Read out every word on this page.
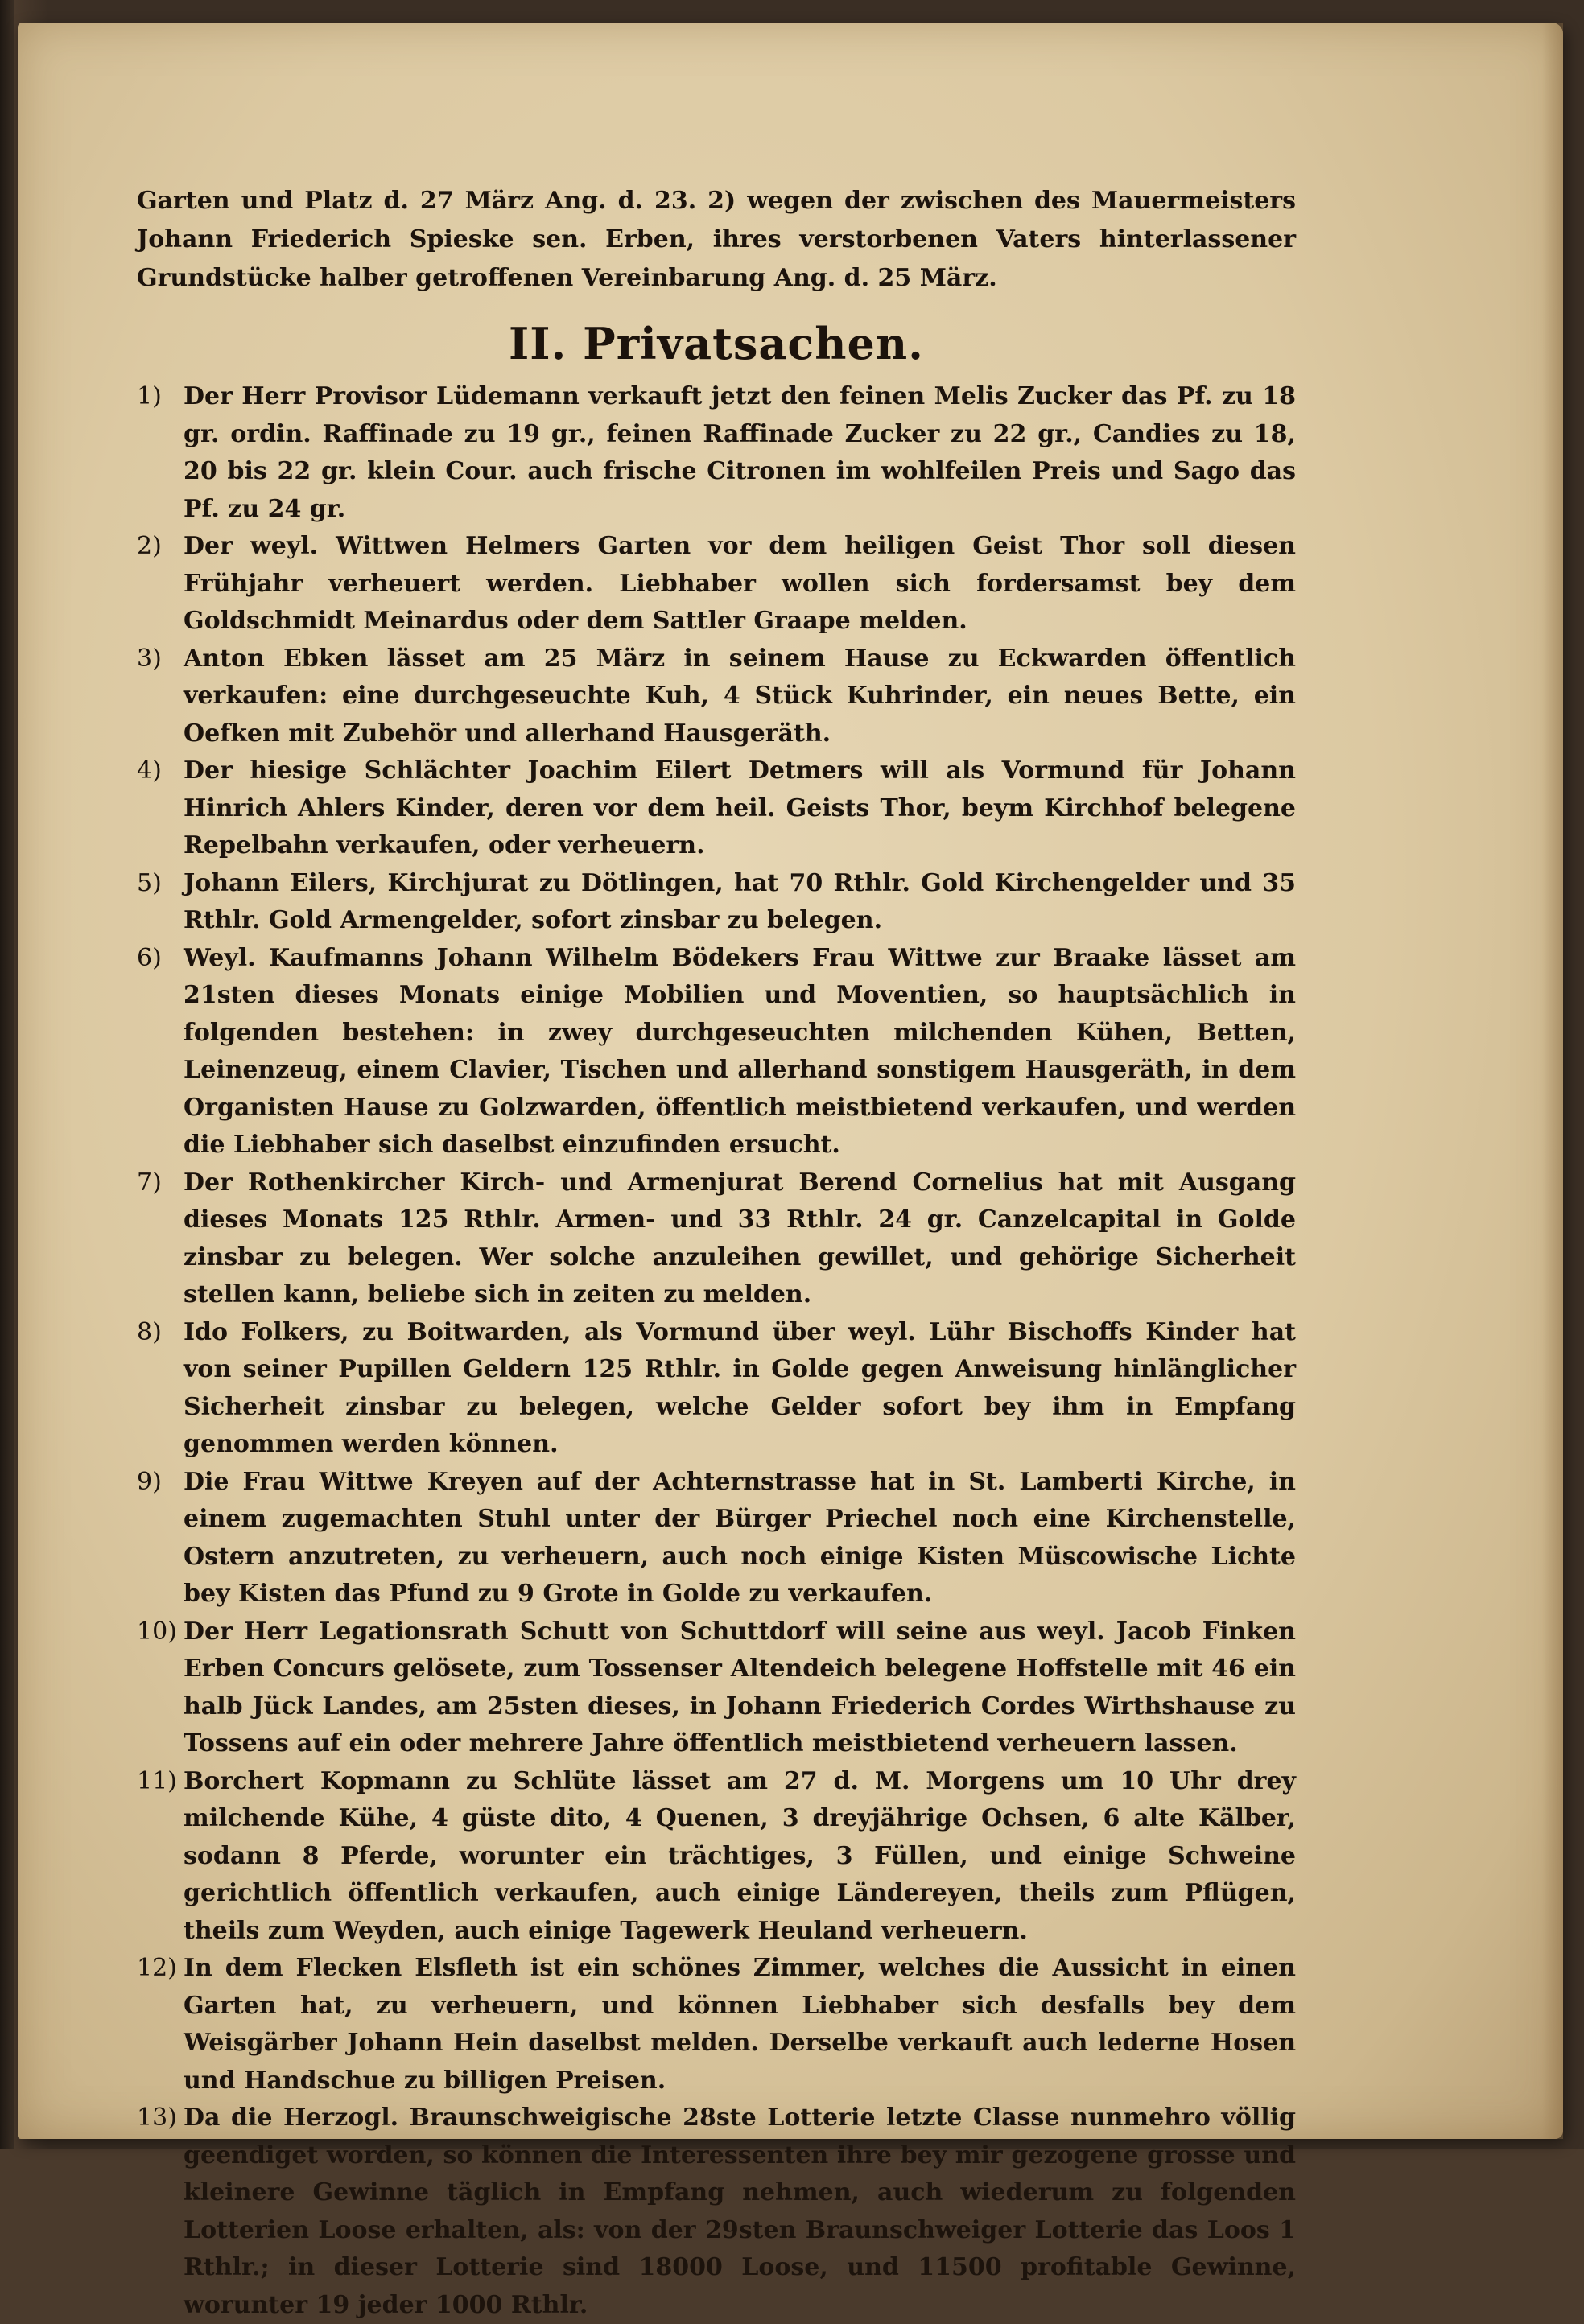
Garten und Platz d. 27 März Ang. d. 23. 2) wegen der zwischen des Mauermeisters Johann Friederich Spieske sen. Erben, ihres verstorbenen Vaters hinterlassener Grundstücke halber getroffenen Vereinbarung Ang. d. 25 März.

II. Privatsachen.
1) Der Herr Provisor Lüdemann verkauft jetzt den feinen Melis Zucker das Pf. zu 18 gr. ordin. Raffinade zu 19 gr., feinen Raffinade Zucker zu 22 gr., Candies zu 18, 20 bis 22 gr. klein Cour. auch frische Citronen im wohlfeilen Preis und Sago das Pf. zu 24 gr.
2) Der weyl. Wittwen Helmers Garten vor dem heiligen Geist Thor soll diesen Frühjahr verheuert werden. Liebhaber wollen sich fordersamst bey dem Goldschmidt Meinardus oder dem Sattler Graape melden.
3) Anton Ebken lässet am 25 März in seinem Hause zu Eckwarden öffentlich verkaufen: eine durchgeseuchte Kuh, 4 Stück Kuhrinder, ein neues Bette, ein Oefken mit Zubehör und allerhand Hausgeräth.
4) Der hiesige Schlächter Joachim Eilert Detmers will als Vormund für Johann Hinrich Ahlers Kinder, deren vor dem heil. Geists Thor, beym Kirchhof belegene Repelbahn verkaufen, oder verheuern.
5) Johann Eilers, Kirchjurat zu Dötlingen, hat 70 Rthlr. Gold Kirchengelder und 35 Rthlr. Gold Armengelder, sofort zinsbar zu belegen.
6) Weyl. Kaufmanns Johann Wilhelm Bödekers Frau Wittwe zur Braake lässet am 21sten dieses Monats einige Mobilien und Moventien, so hauptsächlich in folgenden bestehen: in zwey durchgeseuchten milchenden Kühen, Betten, Leinenzeug, einem Clavier, Tischen und allerhand sonstigem Hausgeräth, in dem Organisten Hause zu Golzwarden, öffentlich meistbietend verkaufen, und werden die Liebhaber sich daselbst einzufinden ersucht.
7) Der Rothenkircher Kirch- und Armenjurat Berend Cornelius hat mit Ausgang dieses Monats 125 Rthlr. Armen- und 33 Rthlr. 24 gr. Canzelcapital in Golde zinsbar zu belegen. Wer solche anzuleihen gewillet, und gehörige Sicherheit stellen kann, beliebe sich in zeiten zu melden.
8) Ido Folkers, zu Boitwarden, als Vormund über weyl. Lühr Bischoffs Kinder hat von seiner Pupillen Geldern 125 Rthlr. in Golde gegen Anweisung hinlänglicher Sicherheit zinsbar zu belegen, welche Gelder sofort bey ihm in Empfang genommen werden können.
9) Die Frau Wittwe Kreyen auf der Achternstrasse hat in St. Lamberti Kirche, in einem zugemachten Stuhl unter der Bürger Priechel noch eine Kirchenstelle, Ostern anzutreten, zu verheuern, auch noch einige Kisten Müscowische Lichte bey Kisten das Pfund zu 9 Grote in Golde zu verkaufen.
10) Der Herr Legationsrath Schutt von Schuttdorf will seine aus weyl. Jacob Finken Erben Concurs gelösete, zum Tossenser Altendeich belegene Hoffstelle mit 46 ein halb Jück Landes, am 25sten dieses, in Johann Friederich Cordes Wirthshause zu Tossens auf ein oder mehrere Jahre öffentlich meistbietend verheuern lassen.
11) Borchert Kopmann zu Schlüte lässet am 27 d. M. Morgens um 10 Uhr drey milchende Kühe, 4 güste dito, 4 Quenen, 3 dreyjährige Ochsen, 6 alte Kälber, sodann 8 Pferde, worunter ein trächtiges, 3 Füllen, und einige Schweine gerichtlich öffentlich verkaufen, auch einige Ländereyen, theils zum Pflügen, theils zum Weyden, auch einige Tagewerk Heuland verheuern.
12) In dem Flecken Elsfleth ist ein schönes Zimmer, welches die Aussicht in einen Garten hat, zu verheuern, und können Liebhaber sich desfalls bey dem Weisgärber Johann Hein daselbst melden. Derselbe verkauft auch lederne Hosen und Handschue zu billigen Preisen.
13) Da die Herzogl. Braunschweigische 28ste Lotterie letzte Classe nunmehro völlig geendiget worden, so können die Interessenten ihre bey mir gezogene grosse und kleinere Gewinne täglich in Empfang nehmen, auch wiederum zu folgenden Lotterien Loose erhalten, als: von der 29sten Braunschweiger Lotterie das Loos 1 Rthlr.; in dieser Lotterie sind 18000 Loose, und 11500 profitable Gewinne, worunter 19 jeder 1000 Rthlr.
